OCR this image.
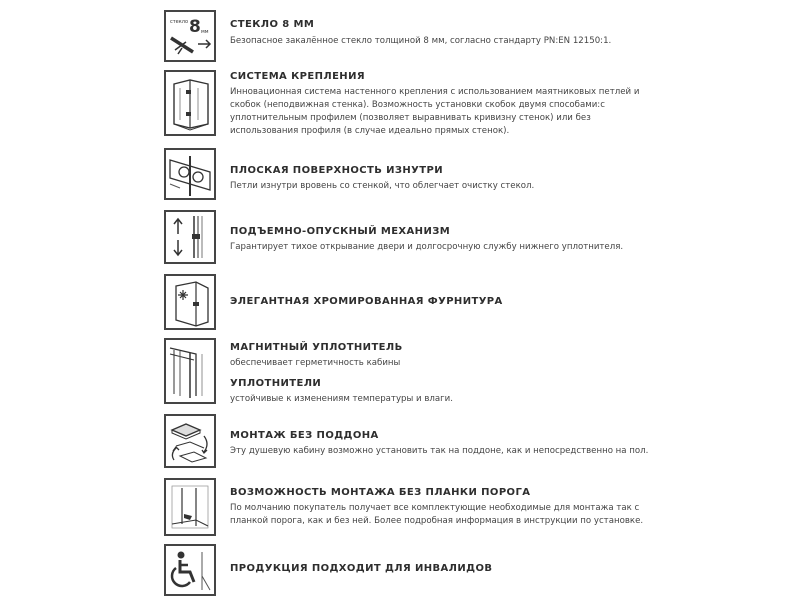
стекло 8 мм
СТЕКЛО 8 ММ
Безопасное закалённое стекло толщиной 8 мм, согласно стандарту PN:EN 12150:1.
СИСТЕМА КРЕПЛЕНИЯ
Инновационная система настенного крепления с использованием маятниковых петлей и
скобок (неподвижная стенка). Возможность установки скобок двумя способами:с
уплотнительным профилем (позволяет выравнивать кривизну стенок) или без
использования профиля (в случае идеально прямых стенок).
ПЛОСКАЯ ПОВЕРХНОСТЬ ИЗНУТРИ
Петли изнутри вровень со стенкой, что облегчает очистку стекол.
ПОДЪЕМНО-ОПУСКНЫЙ МЕХАНИЗМ
Гарантирует тихое открывание двери и долгосрочную службу нижнего уплотнителя.
ЭЛЕГАНТНАЯ ХРОМИРОВАННАЯ ФУРНИТУРА
МАГНИТНЫЙ УПЛОТНИТЕЛЬ
обеспечивает герметичность кабины
УПЛОТНИТЕЛИ
устойчивые к изменениям температуры и влаги.
МОНТАЖ БЕЗ ПОДДОНА
Эту душевую кабину возможно установить так на поддоне, как и непосредственно на пол.
ВОЗМОЖНОСТЬ МОНТАЖА БЕЗ ПЛАНКИ ПОРОГА
По молчанию покупатель получает все комплектующие необходимые для монтажа так с
планкой порога, как и без ней. Более подробная информация в инструкции по установке.
ПРОДУКЦИЯ ПОДХОДИТ ДЛЯ ИНВАЛИДОВ
